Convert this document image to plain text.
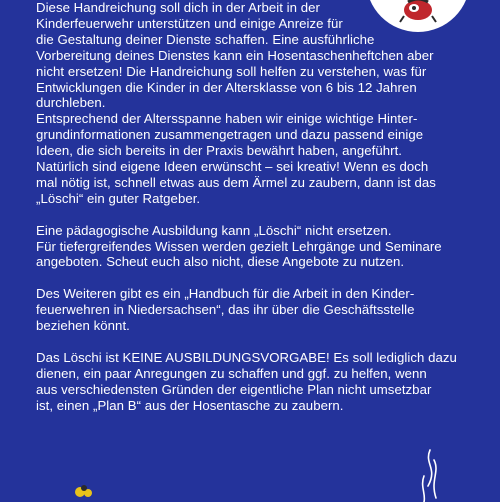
Diese Handreichung soll dich in der Arbeit in der
Kinderfeuerwehr unterstützen und einige Anreize für
die Gestaltung deiner Dienste schaffen. Eine ausführliche
Vorbereitung deines Dienstes kann ein Hosentaschenheftchen aber
nicht ersetzen! Die Handreichung soll helfen zu verstehen, was für
Entwicklungen die Kinder in der Altersklasse von 6 bis 12 Jahren
durchleben.
Entsprechend der Altersspanne haben wir einige wichtige Hinter-
grundinformationen zusammengetragen und dazu passend einige
Ideen, die sich bereits in der Praxis bewährt haben, angeführt.
Natürlich sind eigene Ideen erwünscht – sei kreativ! Wenn es doch
mal nötig ist, schnell etwas aus dem Ärmel zu zaubern, dann ist das
„Löschi“ ein guter Ratgeber.

Eine pädagogische Ausbildung kann „Löschi“ nicht ersetzen.
Für tiefergreifendes Wissen werden gezielt Lehrgänge und Seminare
angeboten. Scheut euch also nicht, diese Angebote zu nutzen.

Des Weiteren gibt es ein „Handbuch für die Arbeit in den Kinder-
feuerwehren in Niedersachsen“, das ihr über die Geschäftsstelle
beziehen könnt.

Das Löschi ist KEINE AUSBILDUNGSVORGABE! Es soll lediglich dazu
dienen, ein paar Anregungen zu schaffen und ggf. zu helfen, wenn
aus verschiedensten Gründen der eigentliche Plan nicht umsetzbar
ist, einen „Plan B“ aus der Hosentasche zu zaubern.
